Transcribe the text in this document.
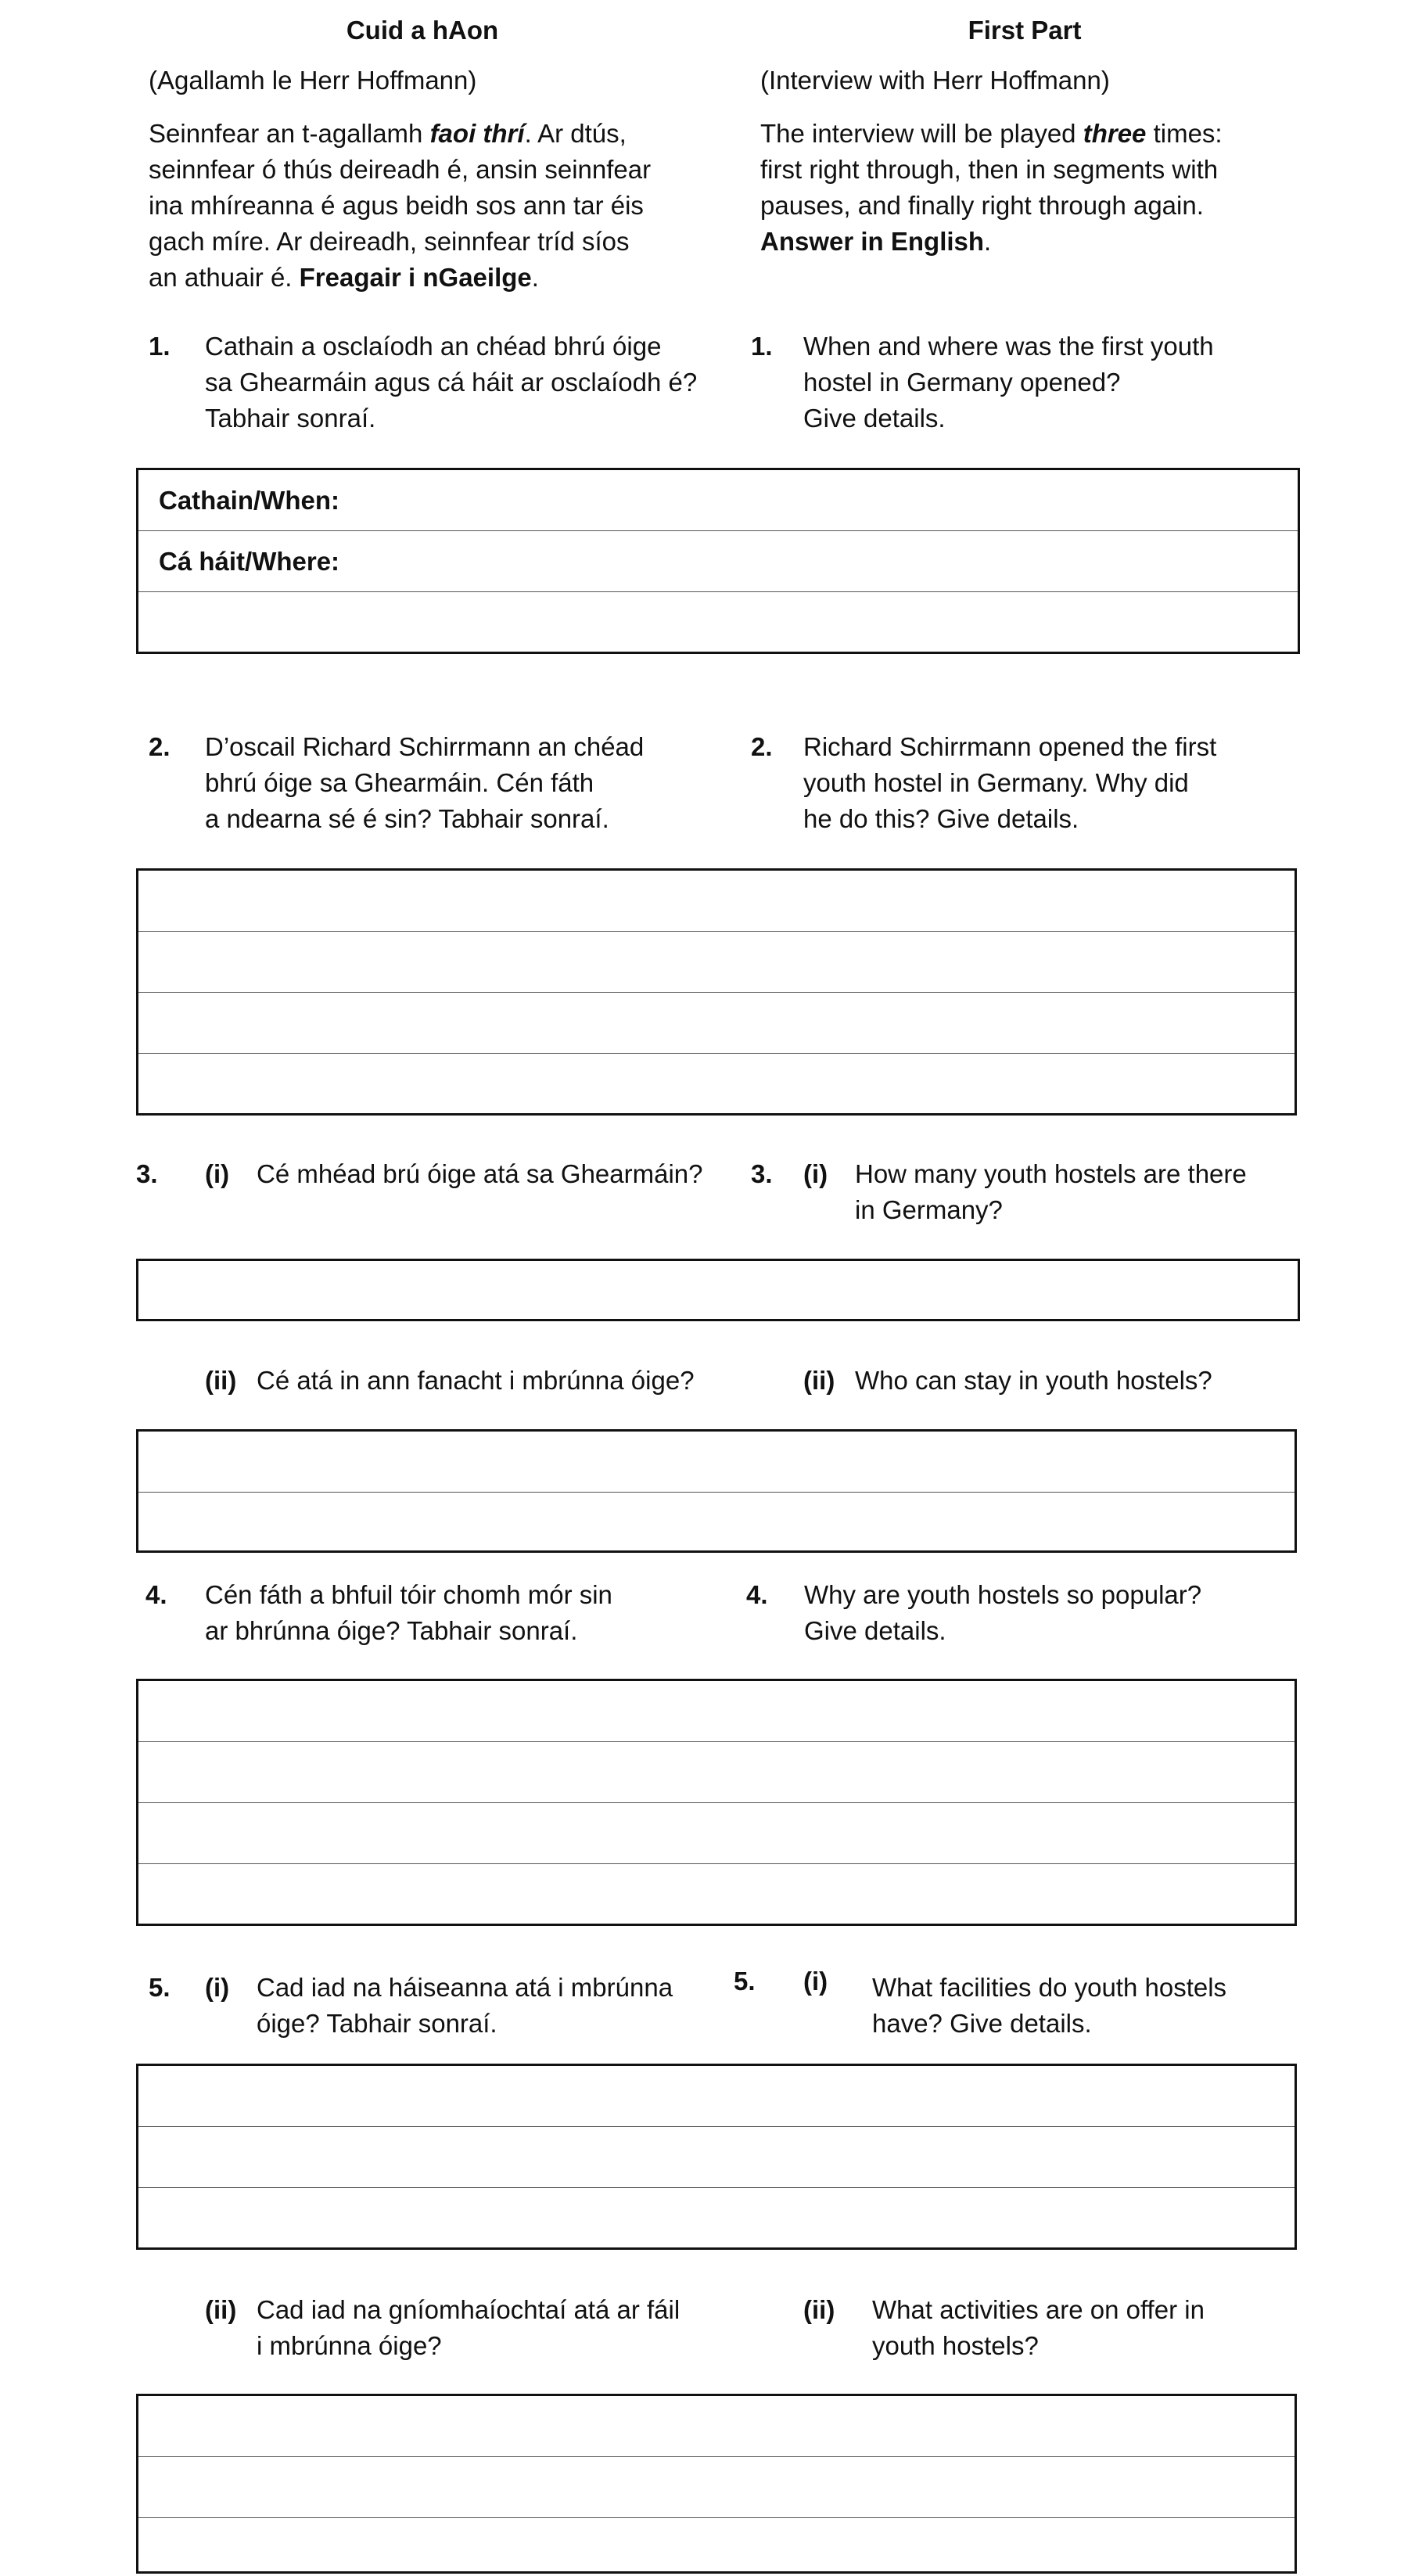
Cuid a hAon	First Part
(Agallamh le Herr Hoffmann)	(Interview with Herr Hoffmann)
Seinnfear an t-agallamh faoi thrí. Ar dtús,
seinnfear ó thús deireadh é, ansin seinnfear
ina mhíreanna é agus beidh sos ann tar éis
gach míre. Ar deireadh, seinnfear tríd síos
an athuair é. Freagair i nGaeilge.
The interview will be played three times:
first right through, then in segments with
pauses, and finally right through again.
Answer in English.
1. Cathain a osclaíodh an chéad bhrú óige
sa Ghearmáin agus cá háit ar osclaíodh é?
Tabhair sonraí.
1. When and where was the first youth
hostel in Germany opened?
Give details.
Cathain/When:
Cá háit/Where:
2. D’oscail Richard Schirrmann an chéad
bhrú óige sa Ghearmáin. Cén fáth
a ndearna sé é sin? Tabhair sonraí.
2. Richard Schirrmann opened the first
youth hostel in Germany. Why did
he do this? Give details.
3. (i) Cé mhéad brú óige atá sa Ghearmáin? 3. (i) How many youth hostels are there
in Germany?
(ii) Cé atá in ann fanacht i mbrúnna óige?	(ii) Who can stay in youth hostels?
4. Cén fáth a bhfuil tóir chomh mór sin
ar bhrúnna óige? Tabhair sonraí.
4. Why are youth hostels so popular?
Give details.
5. (i) Cad iad na háiseanna atá i mbrúnna
óige? Tabhair sonraí.
5. (i) What facilities do youth hostels
have? Give details.
(ii) Cad iad na gníomhaíochtaí atá ar fáil
i mbrúnna óige?
(ii) What activities are on offer in
youth hostels?
